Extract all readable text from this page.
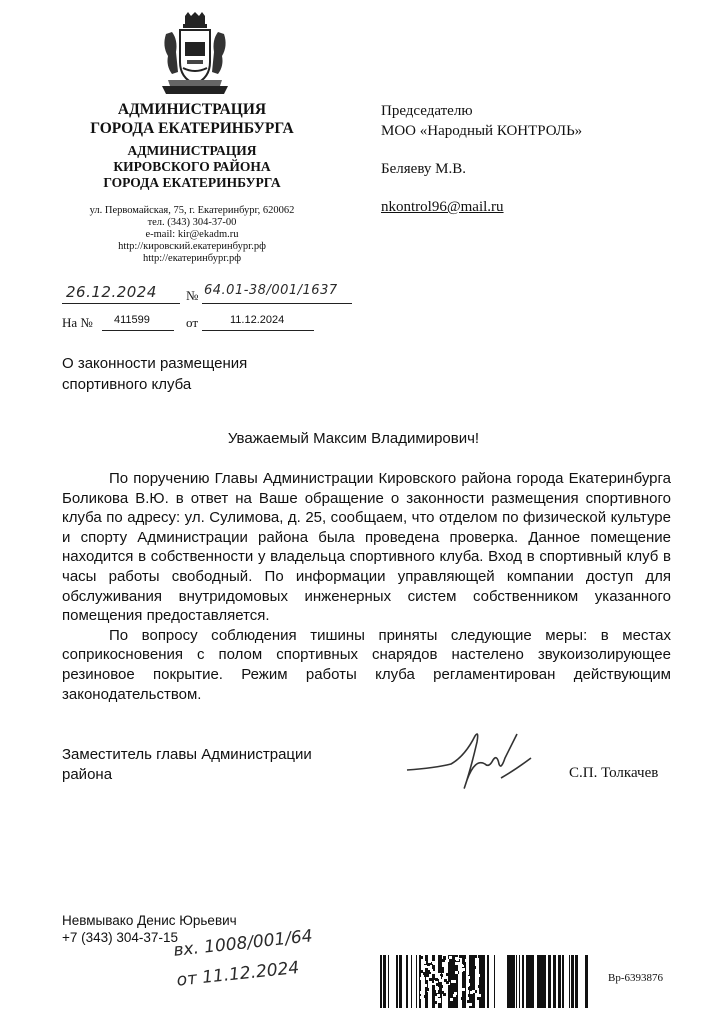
АДМИНИСТРАЦИЯ
ГОРОДА ЕКАТЕРИНБУРГА
АДМИНИСТРАЦИЯ
КИРОВСКОГО РАЙОНА
ГОРОДА ЕКАТЕРИНБУРГА
ул. Первомайская, 75, г. Екатеринбург, 620062
тел. (343) 304-37-00
e-mail: kir@ekadm.ru
http://кировский.екатеринбург.рф
http://екатеринбург.рф
Председателю
МОО «Народный КОНТРОЛЬ»
Беляеву М.В.
nkontrol96@mail.ru
26.12.2024 № 64.01-38/001/1637
На № 411599	от	11.12.2024
О законности размещения
спортивного клуба
Уважаемый Максим Владимирович!

По поручению Главы Администрации Кировского района города Екатеринбурга Боликова В.Ю. в ответ на Ваше обращение о законности размещения спортивного клуба по адресу: ул. Сулимова, д. 25, сообщаем, что отделом по физической культуре и спорту Администрации района была проведена проверка. Данное помещение находится в собственности у владельца спортивного клуба. Вход в спортивный клуб в часы работы свободный. По информации управляющей компании доступ для обслуживания внутридомовых инженерных систем собственником указанного помещения предоставляется.

По вопросу соблюдения тишины приняты следующие меры: в местах соприкосновения с полом спортивных снарядов настелено звукоизолирующее резиновое покрытие. Режим работы клуба регламентирован действующим законодательством.

Заместитель главы Администрации
района	С.П. Толкачев
Невмывако Денис Юрьевич
+7 (343) 304-37-15
вх. 1008/001/64
от 11.12.2024	Вр-6393876
